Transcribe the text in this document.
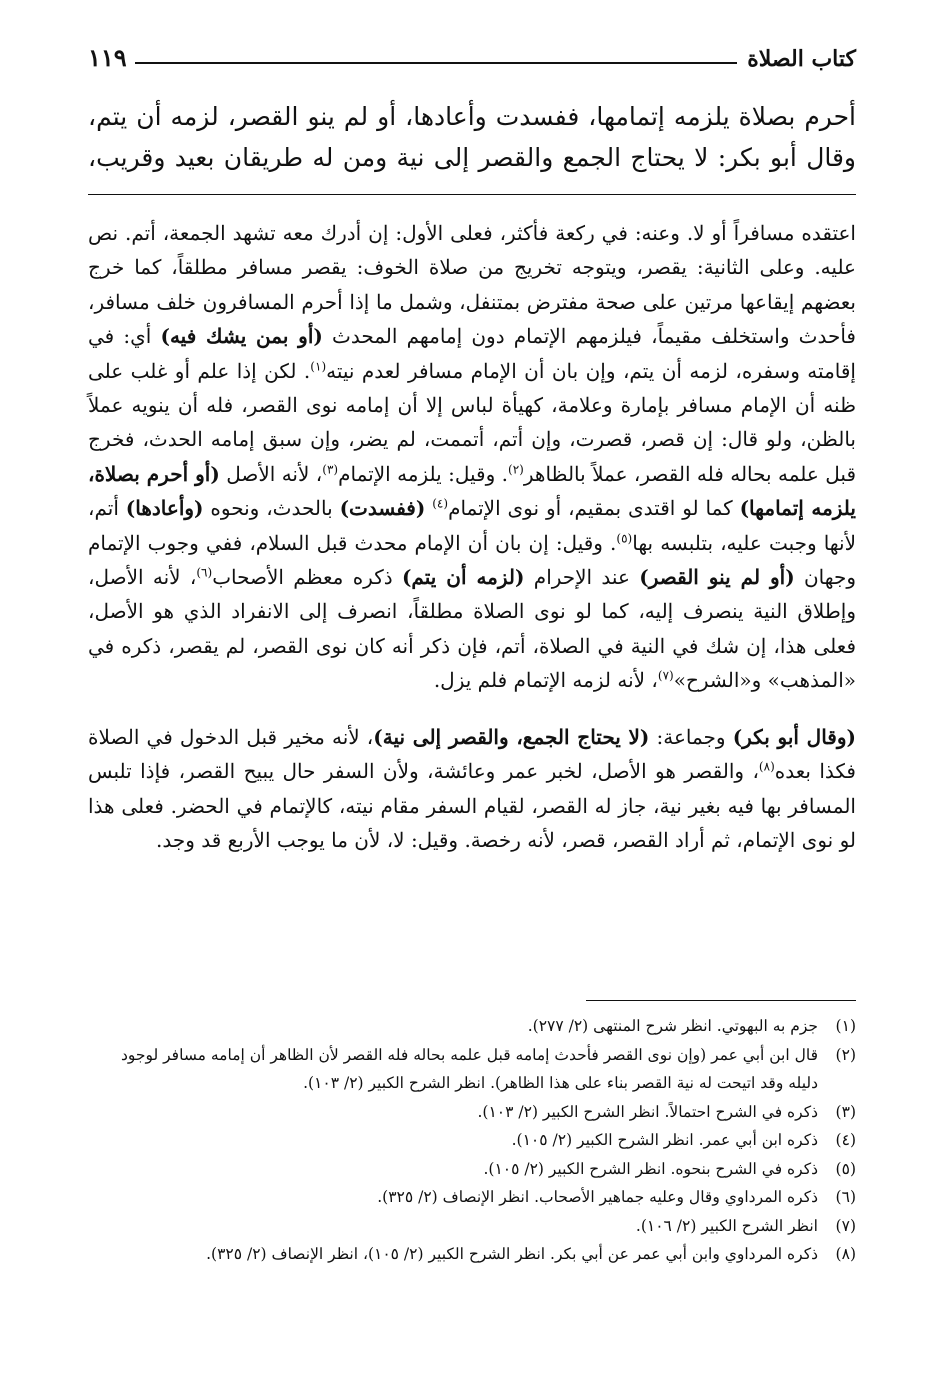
كتاب الصلاة
١١٩

أحرم بصلاة يلزمه إتمامها، ففسدت وأعادها، أو لم ينو القصر، لزمه أن يتم،

وقال أبو بكر: لا يحتاج الجمع والقصر إلى نية ومن له طريقان بعيد وقريب،

اعتقده مسافراً أو لا. وعنه: في ركعة فأكثر، فعلى الأول: إن أدرك معه تشهد الجمعة، أتم. نص عليه. وعلى الثانية: يقصر، ويتوجه تخريج من صلاة الخوف: يقصر مسافر مطلقاً، كما خرج بعضهم إيقاعها مرتين على صحة مفترض بمتنفل، وشمل ما إذا أحرم المسافرون خلف مسافر، فأحدث واستخلف مقيماً، فيلزمهم الإتمام دون إمامهم المحدث (أو بمن يشك فيه) أي: في إقامته وسفره، لزمه أن يتم، وإن بان أن الإمام مسافر لعدم نيته$^{(١)}$. لكن إذا علم أو غلب على ظنه أن الإمام مسافر بإمارة وعلامة، كهيأة لباس إلا أن إمامه نوى القصر، فله أن ينويه عملاً بالظن، ولو قال: إن قصر، قصرت، وإن أتم، أتممت، لم يضر، وإن سبق إمامه الحدث، فخرج قبل علمه بحاله فله القصر، عملاً بالظاهر$^{(٢)}$. وقيل: يلزمه الإتمام$^{(٣)}$، لأنه الأصل (أو أحرم بصلاة، يلزمه إتمامها) كما لو اقتدى بمقيم، أو نوى الإتمام$^{(٤)}$ (ففسدت) بالحدث، ونحوه (وأعادها) أتم، لأنها وجبت عليه، بتلبسه بها$^{(٥)}$. وقيل: إن بان أن الإمام محدث قبل السلام، ففي وجوب الإتمام وجهان (أو لم ينو القصر) عند الإحرام (لزمه أن يتم) ذكره معظم الأصحاب$^{(٦)}$، لأنه الأصل، وإطلاق النية ينصرف إليه، كما لو نوى الصلاة مطلقاً، انصرف إلى الانفراد الذي هو الأصل، فعلى هذا، إن شك في النية في الصلاة، أتم، فإن ذكر أنه كان نوى القصر، لم يقصر، ذكره في «المذهب» و«الشرح»$^{(٧)}$، لأنه لزمه الإتمام فلم يزل.

(وقال أبو بكر) وجماعة: (لا يحتاج الجمع، والقصر إلى نية)، لأنه مخير قبل الدخول في الصلاة فكذا بعده$^{(٨)}$، والقصر هو الأصل، لخبر عمر وعائشة، ولأن السفر حال يبيح القصر، فإذا تلبس المسافر بها فيه بغير نية، جاز له القصر، لقيام السفر مقام نيته، كالإتمام في الحضر. فعلى هذا لو نوى الإتمام، ثم أراد القصر، قصر، لأنه رخصة. وقيل: لا، لأن ما يوجب الأربع قد وجد.

(١)
جزم به البهوتي. انظر شرح المنتهى (٢/ ٢٧٧).
(٢)
قال ابن أبي عمر (وإن نوى القصر فأحدث إمامه قبل علمه بحاله فله القصر لأن الظاهر أن إمامه مسافر لوجود دليله وقد اتيحت له نية القصر بناء على هذا الظاهر). انظر الشرح الكبير (٢/ ١٠٣).
(٣)
ذكره في الشرح احتمالاً. انظر الشرح الكبير (٢/ ١٠٣).
(٤)
ذكره ابن أبي عمر. انظر الشرح الكبير (٢/ ١٠٥).
(٥)
ذكره في الشرح بنحوه. انظر الشرح الكبير (٢/ ١٠٥).
(٦)
ذكره المرداوي وقال وعليه جماهير الأصحاب. انظر الإنصاف (٢/ ٣٢٥).
(٧)
انظر الشرح الكبير (٢/ ١٠٦).
(٨)
ذكره المرداوي وابن أبي عمر عن أبي بكر. انظر الشرح الكبير (٢/ ١٠٥)، انظر الإنصاف (٢/ ٣٢٥).
